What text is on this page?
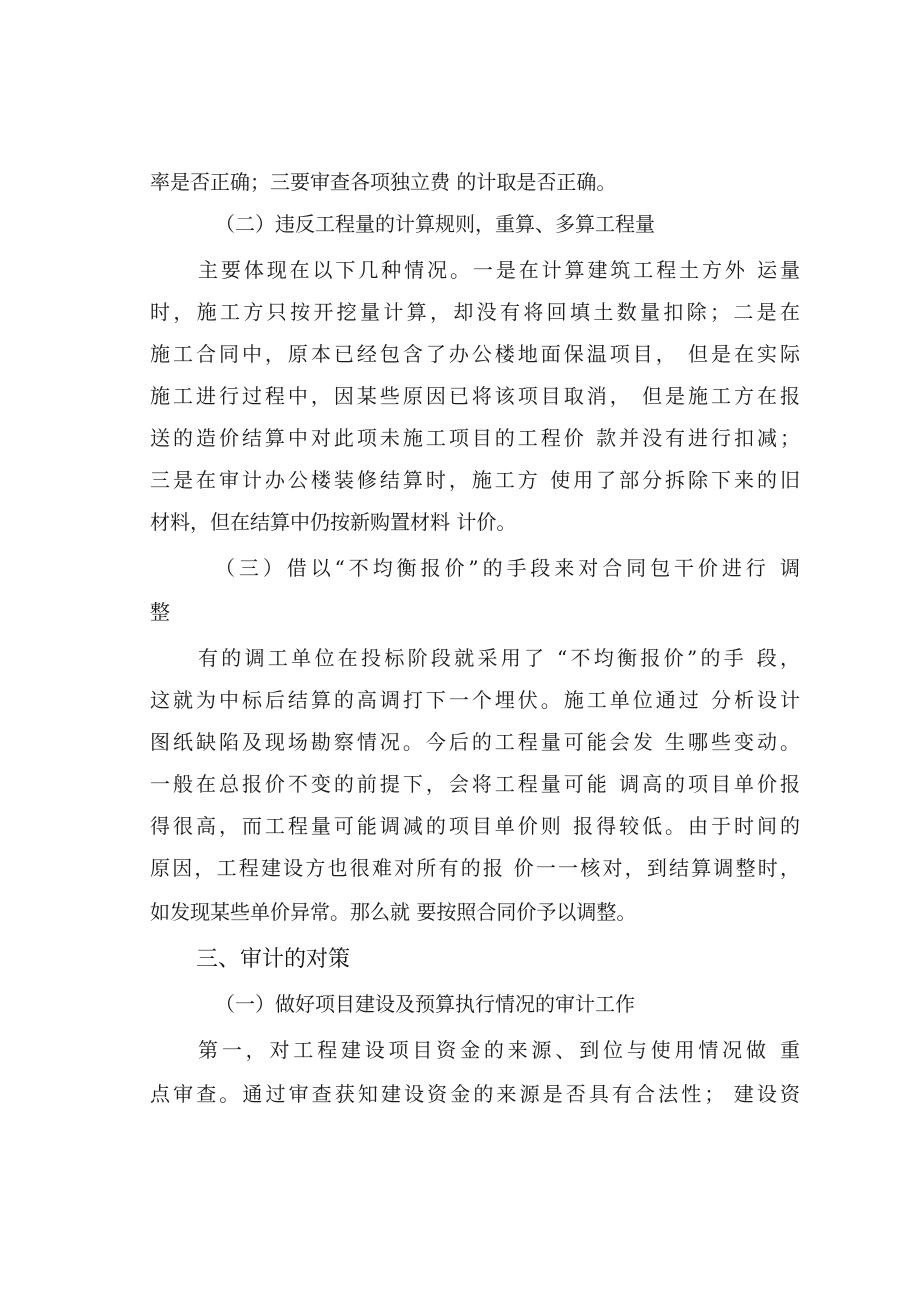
率是否正确；三要审查各项独立费 的计取是否正确。
（二）违反工程量的计算规则，重算、多算工程量
主要体现在以下几种情况。一是在计算建筑工程土方外 运量
时，施工方只按开挖量计算，却没有将回填土数量扣除；二是在
施工合同中，原本已经包含了办公楼地面保温项目， 但是在实际
施工进行过程中，因某些原因已将该项目取消， 但是施工方在报
送的造价结算中对此项未施工项目的工程价 款并没有进行扣减；
三是在审计办公楼装修结算时，施工方 使用了部分拆除下来的旧
材料，但在结算中仍按新购置材料 计价。
（三）借以“不均衡报价”的手段来对合同包干价进行 调
整
有的调工单位在投标阶段就采用了 “不均衡报价”的手 段，
这就为中标后结算的高调打下一个埋伏。施工单位通过 分析设计
图纸缺陷及现场勘察情况。今后的工程量可能会发 生哪些变动。
一般在总报价不变的前提下，会将工程量可能 调高的项目单价报
得很高，而工程量可能调减的项目单价则 报得较低。由于时间的
原因，工程建设方也很难对所有的报 价一一核对，到结算调整时，
如发现某些单价异常。那么就 要按照合同价予以调整。
三、审计的对策
（一）做好项目建设及预算执行情况的审计工作
第一，对工程建设项目资金的来源、到位与使用情况做 重
点审查。通过审查获知建设资金的来源是否具有合法性； 建设资
